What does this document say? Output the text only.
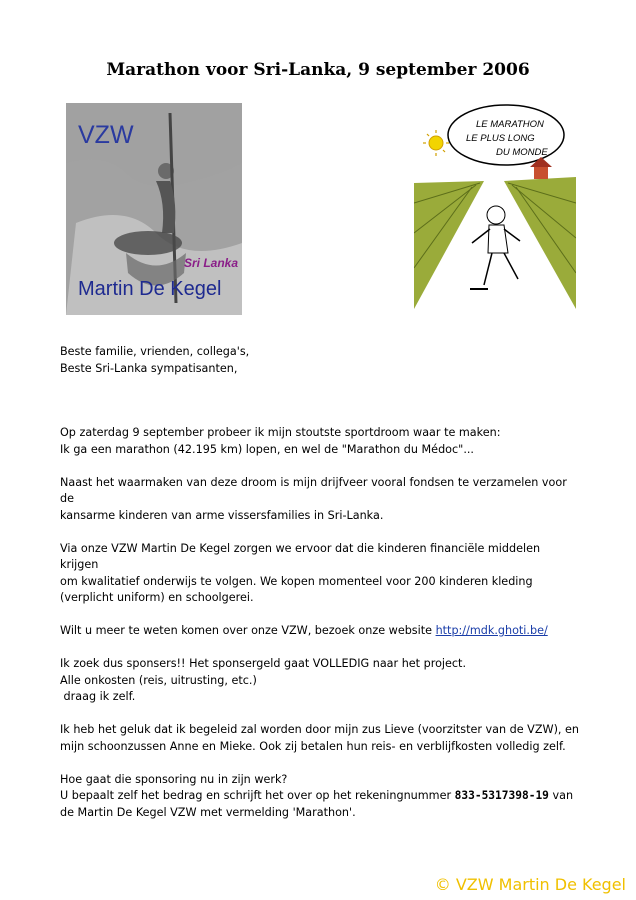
Marathon voor Sri-Lanka, 9 september 2006
VZW
Sri Lanka
Martin De Kegel
LE MARATHON
LE PLUS LONG
DU MONDE

Beste familie, vrienden, collega's,

Beste Sri-Lanka sympatisanten,

Op zaterdag 9 september probeer ik mijn stoutste sportdroom waar te maken:

Ik ga een marathon (42.195 km) lopen, en wel de "Marathon du Médoc"...

Naast het waarmaken van deze droom is mijn drijfveer vooral fondsen te verzamelen voor de

kansarme kinderen van arme vissersfamilies in Sri-Lanka.

Via onze VZW Martin De Kegel zorgen we ervoor dat die kinderen financiële middelen krijgen

om kwalitatief onderwijs te volgen. We kopen momenteel voor 200 kinderen kleding

(verplicht uniform) en schoolgerei.

Wilt u meer te weten komen over onze VZW, bezoek onze website http://mdk.ghoti.be/

Ik zoek dus sponsers!! Het sponsergeld gaat VOLLEDIG naar het project.

Alle onkosten (reis, uitrusting, etc.)

draag ik zelf.

Ik heb het geluk dat ik begeleid zal worden door mijn zus Lieve (voorzitster van de VZW), en

mijn schoonzussen Anne en Mieke. Ook zij betalen hun reis- en verblijfkosten volledig zelf.

Hoe gaat die sponsoring nu in zijn werk?

U bepaalt zelf het bedrag en schrijft het over op het rekeningnummer 833-5317398-19 van

de Martin De Kegel VZW met vermelding 'Marathon'.

© VZW Martin De Kegel
